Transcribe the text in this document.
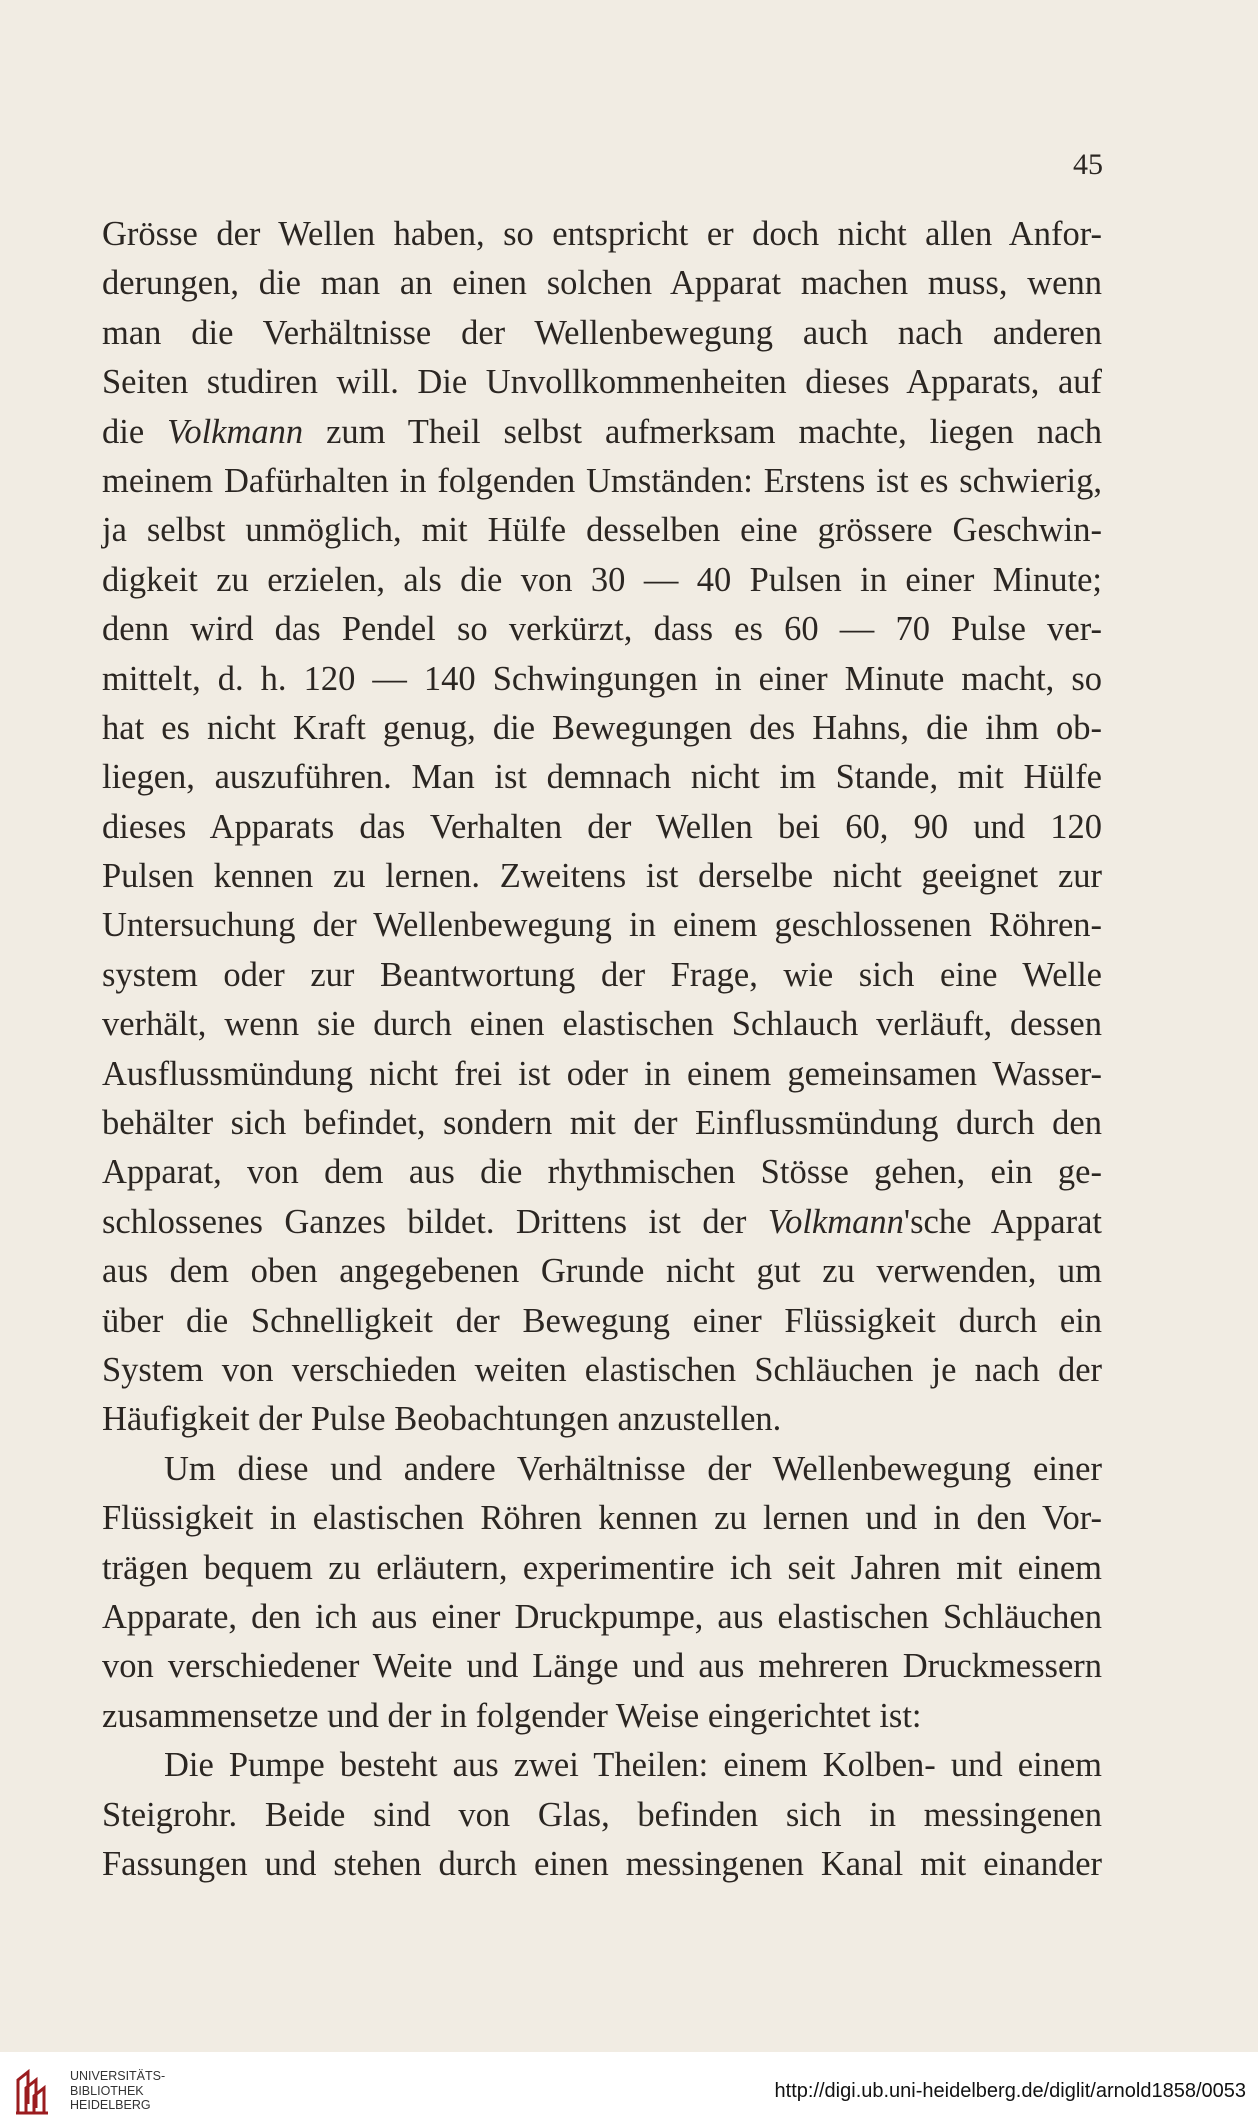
45
Grösse der Wellen haben, so entspricht er doch nicht allen Anfor-
derungen, die man an einen solchen Apparat machen muss, wenn
man die Verhältnisse der Wellenbewegung auch nach anderen
Seiten studiren will. Die Unvollkommenheiten dieses Apparats, auf
die Volkmann zum Theil selbst aufmerksam machte, liegen nach
meinem Dafürhalten in folgenden Umständen: Erstens ist es schwierig,
ja selbst unmöglich, mit Hülfe desselben eine grössere Geschwin-
digkeit zu erzielen, als die von 30 — 40 Pulsen in einer Minute;
denn wird das Pendel so verkürzt, dass es 60 — 70 Pulse ver-
mittelt, d. h. 120 — 140 Schwingungen in einer Minute macht, so
hat es nicht Kraft genug, die Bewegungen des Hahns, die ihm ob-
liegen, auszuführen. Man ist demnach nicht im Stande, mit Hülfe
dieses Apparats das Verhalten der Wellen bei 60, 90 und 120
Pulsen kennen zu lernen. Zweitens ist derselbe nicht geeignet zur
Untersuchung der Wellenbewegung in einem geschlossenen Röhren-
system oder zur Beantwortung der Frage, wie sich eine Welle
verhält, wenn sie durch einen elastischen Schlauch verläuft, dessen
Ausflussmündung nicht frei ist oder in einem gemeinsamen Wasser-
behälter sich befindet, sondern mit der Einflussmündung durch den
Apparat, von dem aus die rhythmischen Stösse gehen, ein ge-
schlossenes Ganzes bildet. Drittens ist der Volkmann'sche Apparat
aus dem oben angegebenen Grunde nicht gut zu verwenden, um
über die Schnelligkeit der Bewegung einer Flüssigkeit durch ein
System von verschieden weiten elastischen Schläuchen je nach der
Häufigkeit der Pulse Beobachtungen anzustellen.
Um diese und andere Verhältnisse der Wellenbewegung einer
Flüssigkeit in elastischen Röhren kennen zu lernen und in den Vor-
trägen bequem zu erläutern, experimentire ich seit Jahren mit einem
Apparate, den ich aus einer Druckpumpe, aus elastischen Schläuchen
von verschiedener Weite und Länge und aus mehreren Druckmessern
zusammensetze und der in folgender Weise eingerichtet ist:
Die Pumpe besteht aus zwei Theilen: einem Kolben- und einem
Steigrohr. Beide sind von Glas, befinden sich in messingenen
Fassungen und stehen durch einen messingenen Kanal mit einander
UNIVERSITÄTS-
BIBLIOTHEK
HEIDELBERG
http://digi.ub.uni-heidelberg.de/diglit/arnold1858/0053
